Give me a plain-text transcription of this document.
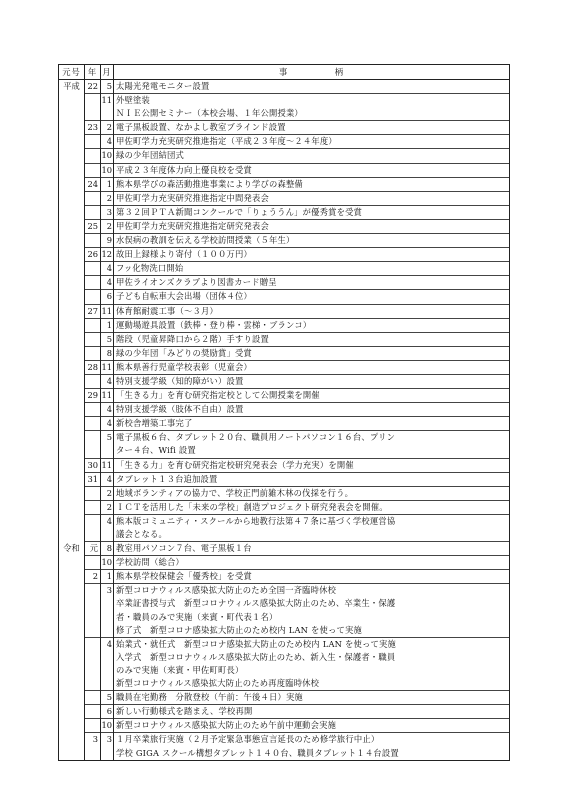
元号	年	月	事　　　　　柄
平成	22	5	太陽光発電モニター設置
		11	外壁塗装
			ＮＩＥ公開セミナー（本校会場、１年公開授業）
	23	2	電子黒板設置、なかよし教室ブラインド設置
		4	甲佐町学力充実研究推進指定（平成２３年度～２４年度）
		10	緑の少年団結団式
		10	平成２３年度体力向上優良校を受賞
	24	1	熊本県学びの森活動推進事業により学びの森整備
		2	甲佐町学力充実研究推進指定中間発表会
		3	第３２回ＰＴＡ新聞コンクールで「りょううん」が優秀賞を受賞
	25	2	甲佐町学力充実研究推進指定研究発表会
		9	水俣病の教訓を伝える学校訪問授業（５年生）
	26	12	故田上録様より寄付（１００万円）
		4	フッ化物洗口開始
		4	甲佐ライオンズクラブより図書カード贈呈
		6	子ども自転車大会出場（団体４位）
	27	11	体育館耐震工事（～３月）
		1	運動場遊具設置（鉄棒・登り棒・雲梯・ブランコ）
		5	階段（児童昇降口から２階）手すり設置
		8	緑の少年団「みどりの奨励賞」受賞
	28	11	熊本県善行児童学校表彰（児童会）
		4	特別支援学級（知的障がい）設置
	29	11	「生きる力」を育む研究指定校として公開授業を開催
		4	特別支援学級（肢体不自由）設置
		4	新校舎増築工事完了
		5	電子黒板６台、タブレット２０台、職員用ノートパソコン１６台、プリン
			ター４台、Wifi 設置
	30	11	「生きる力」を育む研究指定校研究発表会（学力充実）を開催
	31	4	タブレット１３台追加設置
		2	地域ボランティアの協力で、学校正門前雑木林の伐採を行う。
		2	ＩＣＴを活用した「未来の学校」創造プロジェクト研究発表会を開催。
		4	熊本版コミュニティ・スクールから地教行法第４７条に基づく学校運営協
			議会となる。
令和	元	8	教室用パソコン７台、電子黒板１台
		10	学校訪問（総合）
	2	1	熊本県学校保健会「優秀校」を受賞
		3	新型コロナウィルス感染拡大防止のため全国一斉臨時休校
			卒業証書授与式　新型コロナウィルス感染拡大防止のため、卒業生・保護
			者・職員のみで実施（来賓・町代表１名）
			修了式　新型コロナ感染拡大防止のため校内 LAN を使って実施
		4	始業式・就任式　新型コロナ感染拡大防止のため校内 LAN を使って実施
			入学式　新型コロナウィルス感染拡大防止のため、新入生・保護者・職員
			のみで実施（来賓・甲佐町町長）
			新型コロナウィルス感染拡大防止のため再度臨時休校
		5	職員在宅勤務　分散登校（午前：午後４日）実施
		6	新しい行動様式を踏まえ、学校再開
		10	新型コロナウィルス感染拡大防止のため午前中運動会実施
	3	3	１月卒業旅行実施（２月予定緊急事態宣言延長のため修学旅行中止）
			学校 GIGA スクール構想タブレット１４０台、職員タブレット１４台設置
